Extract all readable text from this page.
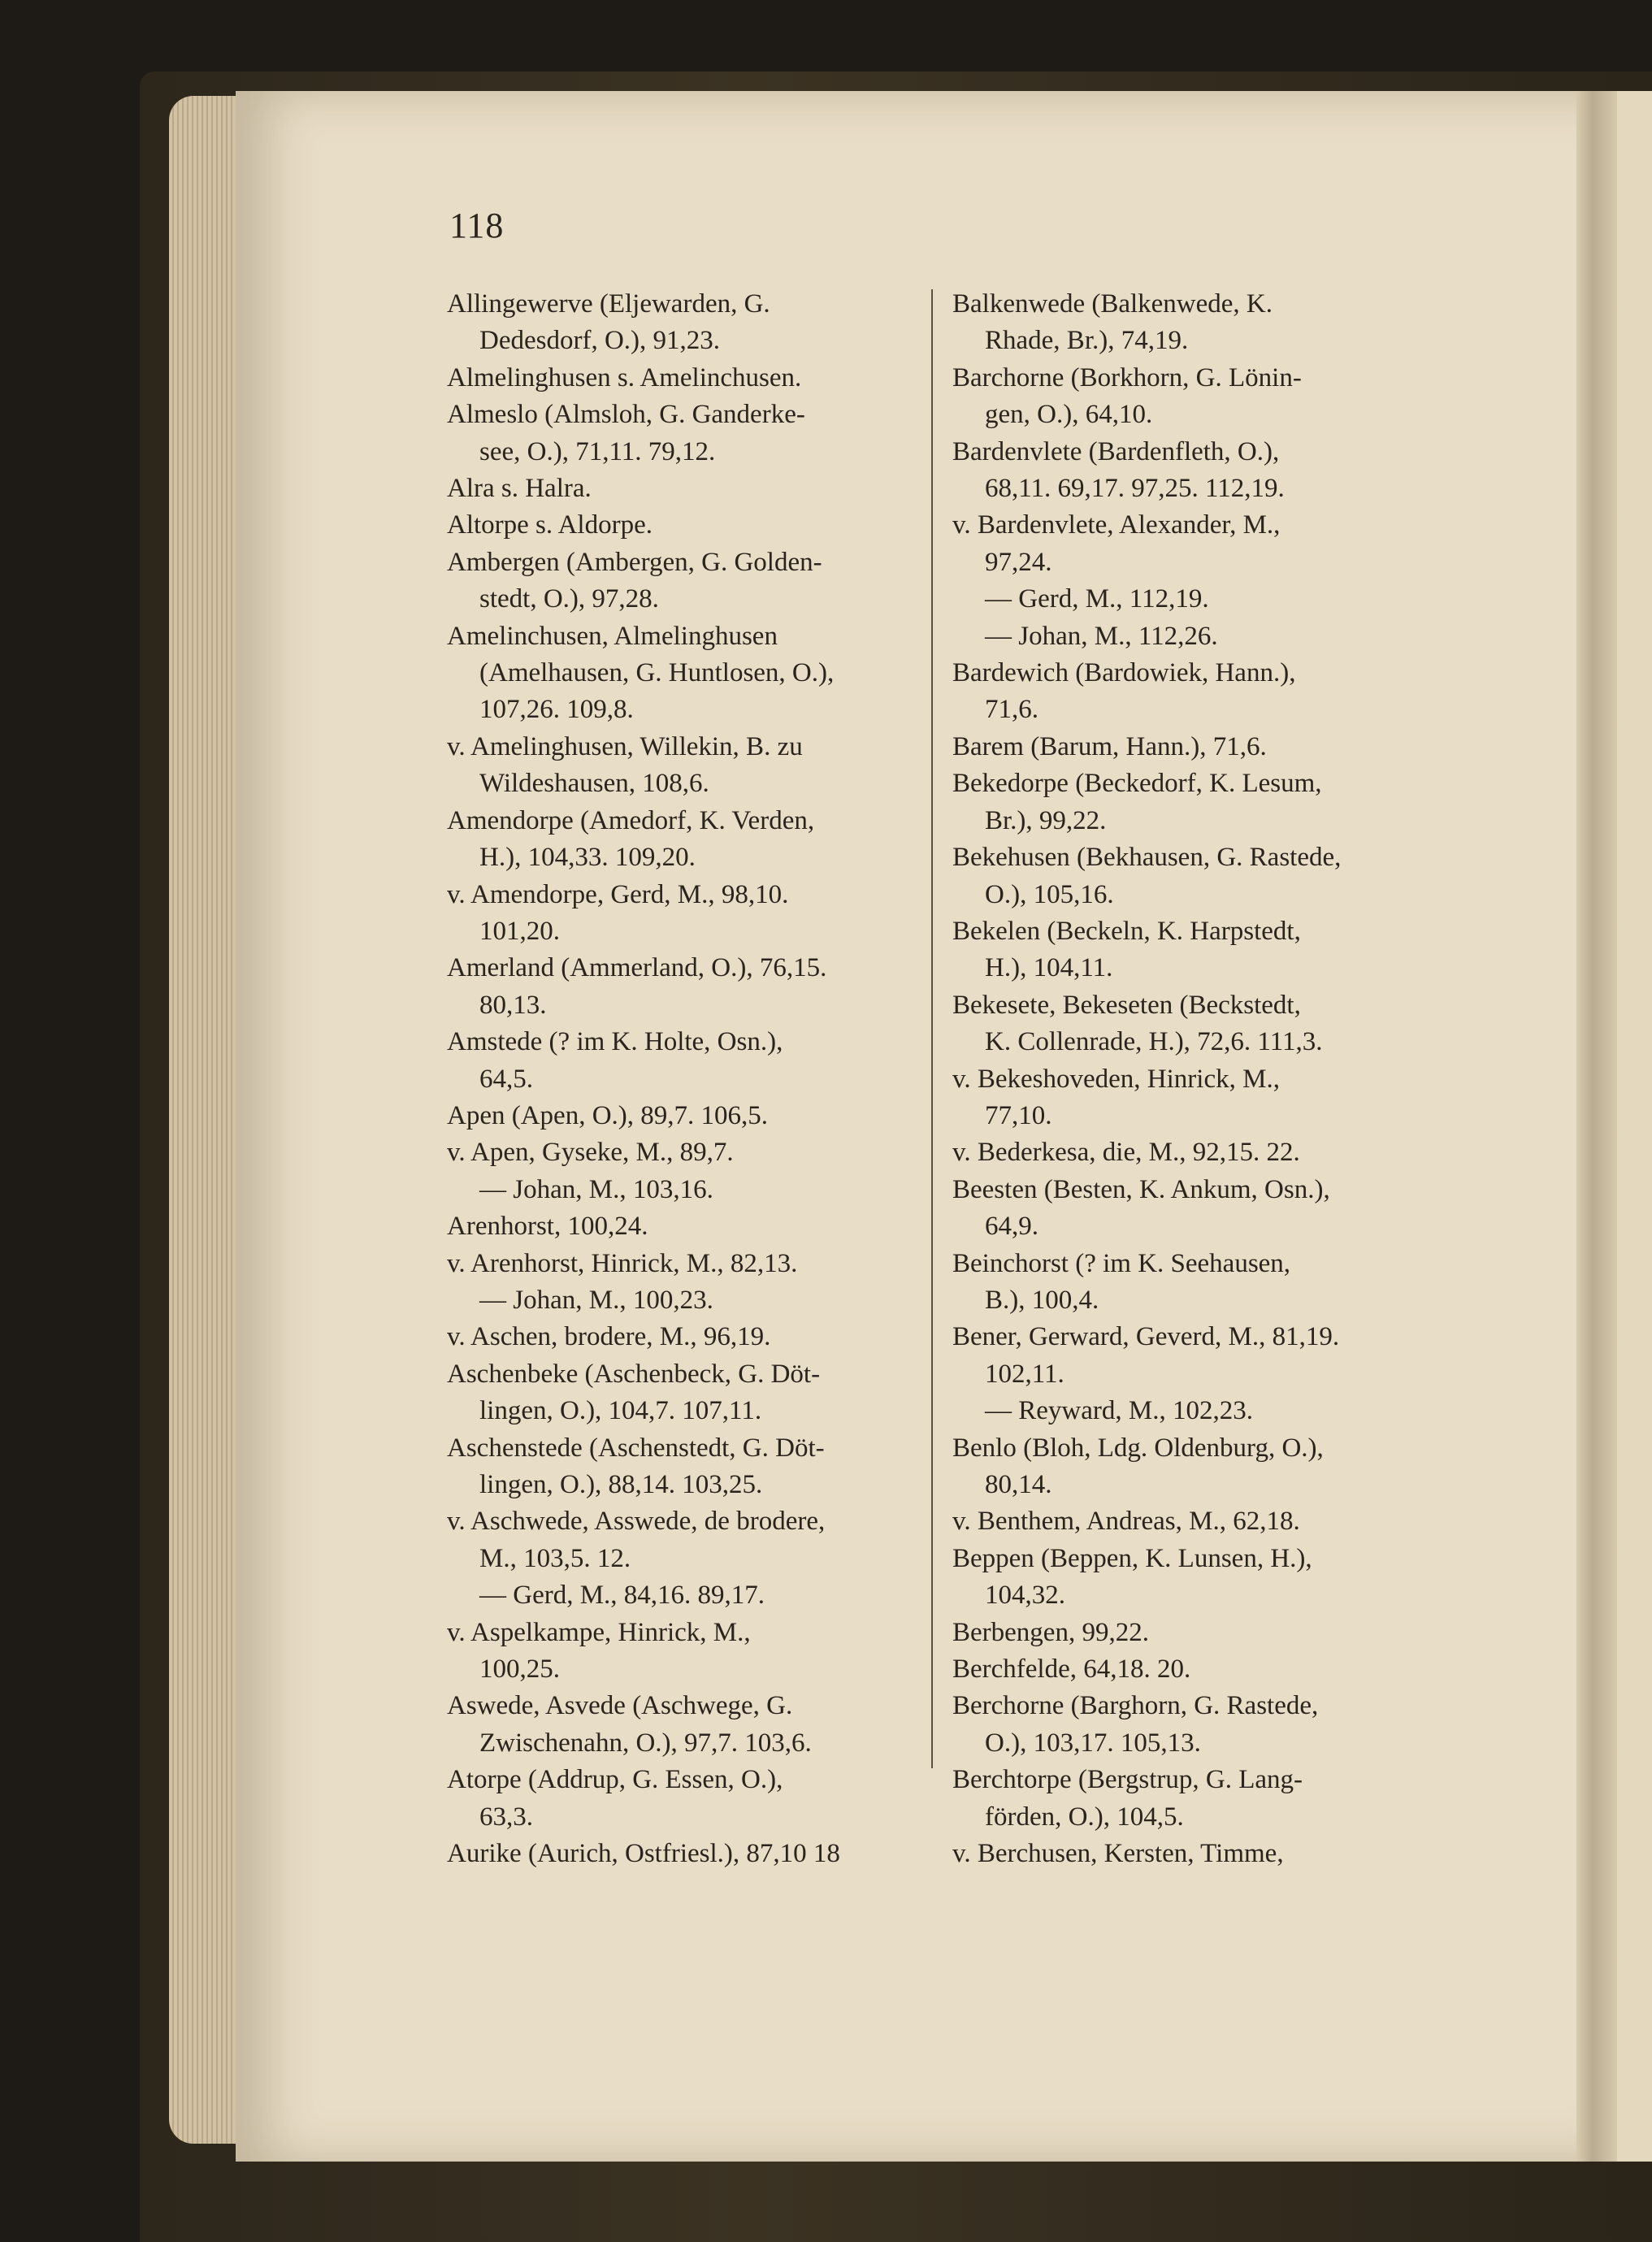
118
Allingewerve (Eljewarden, G.
Dedesdorf, O.), 91,23.
Almelinghusen s. Amelinchusen.
Almeslo (Almsloh, G. Ganderke-
see, O.), 71,11. 79,12.
Alra s. Halra.
Altorpe s. Aldorpe.
Ambergen (Ambergen, G. Golden-
stedt, O.), 97,28.
Amelinchusen, Almelinghusen
(Amelhausen, G. Huntlosen, O.),
107,26. 109,8.
v. Amelinghusen, Willekin, B. zu
Wildeshausen, 108,6.
Amendorpe (Amedorf, K. Verden,
H.), 104,33. 109,20.
v. Amendorpe, Gerd, M., 98,10.
101,20.
Amerland (Ammerland, O.), 76,15.
80,13.
Amstede (? im K. Holte, Osn.),
64,5.
Apen (Apen, O.), 89,7. 106,5.
v. Apen, Gyseke, M., 89,7.
— Johan, M., 103,16.
Arenhorst, 100,24.
v. Arenhorst, Hinrick, M., 82,13.
— Johan, M., 100,23.
v. Aschen, brodere, M., 96,19.
Aschenbeke (Aschenbeck, G. Döt-
lingen, O.), 104,7. 107,11.
Aschenstede (Aschenstedt, G. Döt-
lingen, O.), 88,14. 103,25.
v. Aschwede, Asswede, de brodere,
M., 103,5. 12.
— Gerd, M., 84,16. 89,17.
v. Aspelkampe, Hinrick, M.,
100,25.
Aswede, Asvede (Aschwege, G.
Zwischenahn, O.), 97,7. 103,6.
Atorpe (Addrup, G. Essen, O.),
63,3.
Aurike (Aurich, Ostfriesl.), 87,10 18
Balkenwede (Balkenwede, K.
Rhade, Br.), 74,19.
Barchorne (Borkhorn, G. Lönin-
gen, O.), 64,10.
Bardenvlete (Bardenfleth, O.),
68,11. 69,17. 97,25. 112,19.
v. Bardenvlete, Alexander, M.,
97,24.
— Gerd, M., 112,19.
— Johan, M., 112,26.
Bardewich (Bardowiek, Hann.),
71,6.
Barem (Barum, Hann.), 71,6.
Bekedorpe (Beckedorf, K. Lesum,
Br.), 99,22.
Bekehusen (Bekhausen, G. Rastede,
O.), 105,16.
Bekelen (Beckeln, K. Harpstedt,
H.), 104,11.
Bekesete, Bekeseten (Beckstedt,
K. Collenrade, H.), 72,6. 111,3.
v. Bekeshoveden, Hinrick, M.,
77,10.
v. Bederkesa, die, M., 92,15. 22.
Beesten (Besten, K. Ankum, Osn.),
64,9.
Beinchorst (? im K. Seehausen,
B.), 100,4.
Bener, Gerward, Geverd, M., 81,19.
102,11.
— Reyward, M., 102,23.
Benlo (Bloh, Ldg. Oldenburg, O.),
80,14.
v. Benthem, Andreas, M., 62,18.
Beppen (Beppen, K. Lunsen, H.),
104,32.
Berbengen, 99,22.
Berchfelde, 64,18. 20.
Berchorne (Barghorn, G. Rastede,
O.), 103,17. 105,13.
Berchtorpe (Bergstrup, G. Lang-
förden, O.), 104,5.
v. Berchusen, Kersten, Timme,
